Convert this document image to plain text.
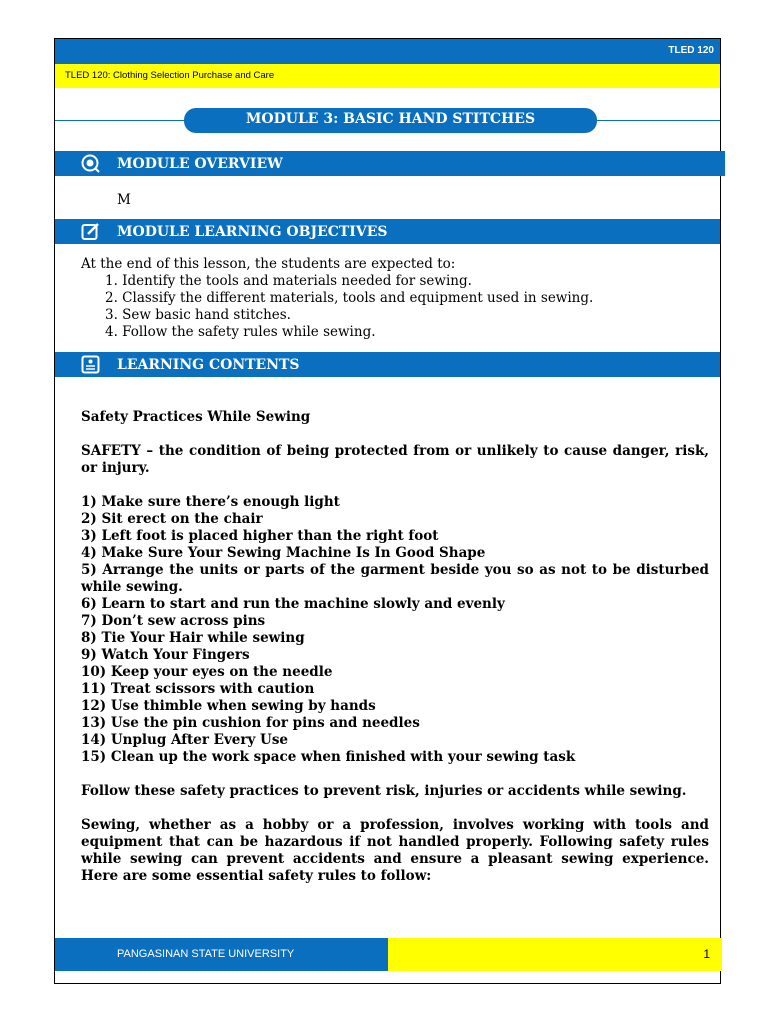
TLED 120
TLED 120: Clothing Selection Purchase and Care
MODULE 3: BASIC HAND STITCHES
MODULE OVERVIEW
M
MODULE LEARNING OBJECTIVES
At the end of this lesson, the students are expected to:
1. Identify the tools and materials needed for sewing.
2. Classify the different materials, tools and equipment used in sewing.
3. Sew basic hand stitches.
4. Follow the safety rules while sewing.
LEARNING CONTENTS
Safety Practices While Sewing
SAFETY – the condition of being protected from or unlikely to cause danger, risk, or injury.
1) Make sure there’s enough light
2) Sit erect on the chair
3) Left foot is placed higher than the right foot
4) Make Sure Your Sewing Machine Is In Good Shape
5) Arrange the units or parts of the garment beside you so as not to be disturbed while sewing.
6) Learn to start and run the machine slowly and evenly
7) Don’t sew across pins
8) Tie Your Hair while sewing
9) Watch Your Fingers
10) Keep your eyes on the needle
11) Treat scissors with caution
12) Use thimble when sewing by hands
13) Use the pin cushion for pins and needles
14) Unplug After Every Use
15) Clean up the work space when finished with your sewing task
Follow these safety practices to prevent risk, injuries or accidents while sewing.
Sewing, whether as a hobby or a profession, involves working with tools and equipment that can be hazardous if not handled properly. Following safety rules while sewing can prevent accidents and ensure a pleasant sewing experience. Here are some essential safety rules to follow:
PANGASINAN STATE UNIVERSITY	1
